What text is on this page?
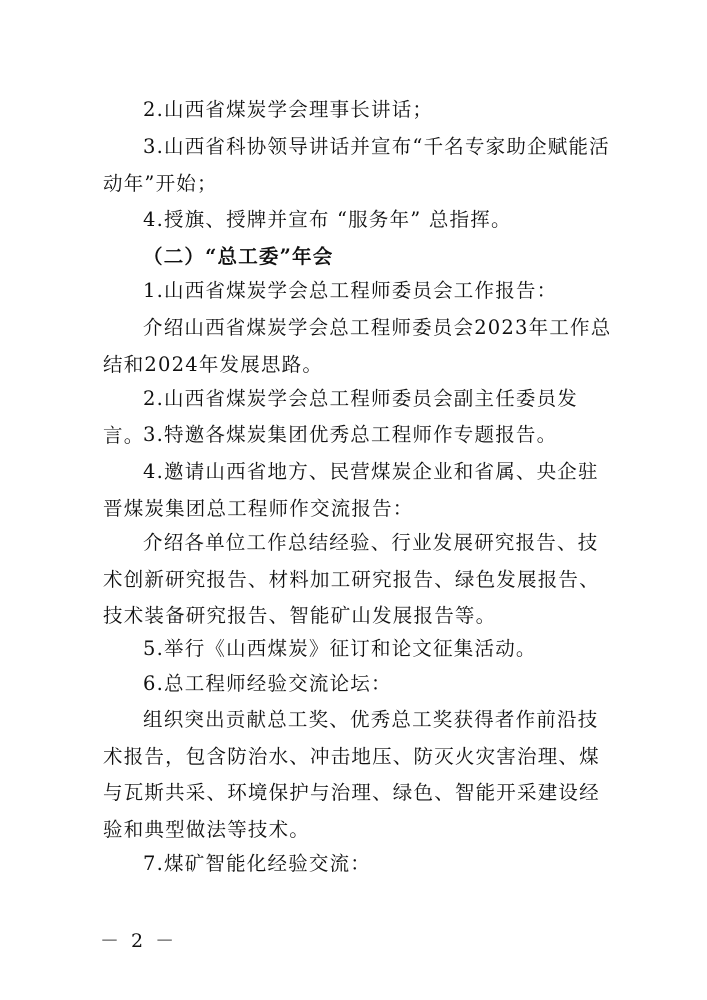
2.山西省煤炭学会理事长讲话；

3.山西省科协领导讲话并宣布“千名专家助企赋能活动年”开始；

4.授旗、授牌并宣布 “服务年” 总指挥。

（二）“总工委”年会

1.山西省煤炭学会总工程师委员会工作报告：

介绍山西省煤炭学会总工程师委员会2023年工作总结和2024年发展思路。

2.山西省煤炭学会总工程师委员会副主任委员发言。

3.特邀各煤炭集团优秀总工程师作专题报告。

4.邀请山西省地方、民营煤炭企业和省属、央企驻晋煤炭集团总工程师作交流报告：

介绍各单位工作总结经验、行业发展研究报告、技术创新研究报告、材料加工研究报告、绿色发展报告、技术装备研究报告、智能矿山发展报告等。

5.举行《山西煤炭》征订和论文征集活动。

6.总工程师经验交流论坛：

组织突出贡献总工奖、优秀总工奖获得者作前沿技术报告，包含防治水、冲击地压、防灭火灾害治理、煤与瓦斯共采、环境保护与治理、绿色、智能开采建设经验和典型做法等技术。

7.煤矿智能化经验交流：

－ 2 －
